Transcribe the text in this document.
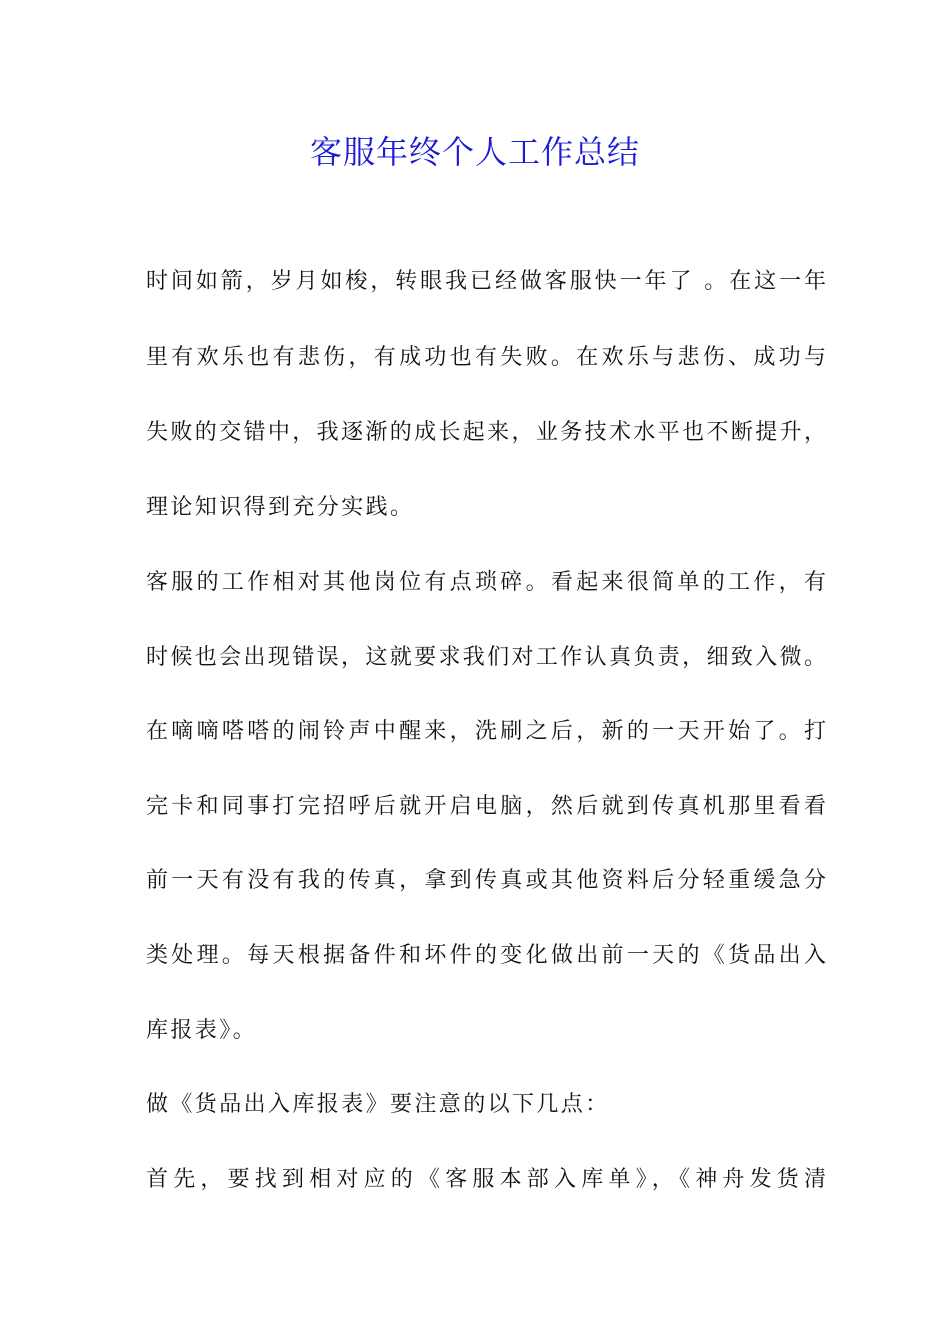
客服年终个人工作总结
时间如箭，岁月如梭，转眼我已经做客服快一年了 。在这一年
里有欢乐也有悲伤，有成功也有失败。在欢乐与悲伤、成功与
失败的交错中，我逐渐的成长起来，业务技术水平也不断提升，
理论知识得到充分实践。
客服的工作相对其他岗位有点琐碎。看起来很简单的工作，有
时候也会出现错误，这就要求我们对工作认真负责，细致入微。
在嘀嘀嗒嗒的闹铃声中醒来，洗刷之后，新的一天开始了。打
完卡和同事打完招呼后就开启电脑，然后就到传真机那里看看
前一天有没有我的传真，拿到传真或其他资料后分轻重缓急分
类处理。每天根据备件和坏件的变化做出前一天的《货品出入
库报表》。
做《货品出入库报表》要注意的以下几点：
首先，要找到相对应的《客服本部入库单》，《神舟发货清
